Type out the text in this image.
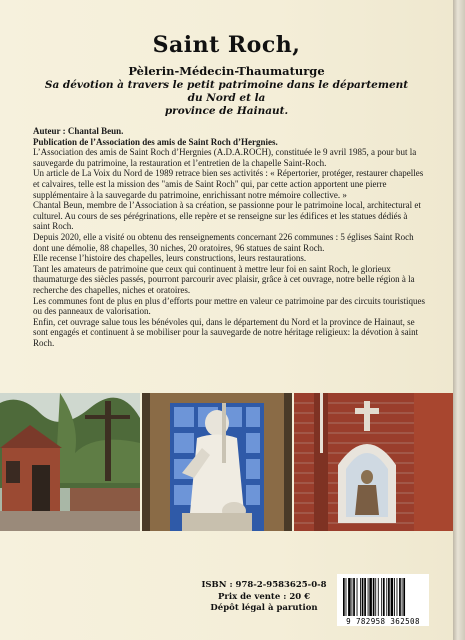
Saint Roch,
Pèlerin-Médecin-Thaumaturge
Sa dévotion à travers le petit patrimoine dans le département du Nord et la
province de Hainaut.

Auteur : Chantal Beun.

Publication de l’Association des amis de Saint Roch d’Hergnies.

L’Association des amis de Saint Roch d’Hergnies (A.D.A.ROCH), constituée le 9 avril 1985, a pour but la sauvegarde du patrimoine, la restauration et l’entretien de la chapelle Saint-Roch.

Un article de La Voix du Nord de 1989 retrace bien ses activités : « Répertorier, protéger, restaurer chapelles et calvaires, telle est la mission des "amis de Saint Roch" qui, par cette action apportent une pierre supplémentaire à la sauvegarde du patrimoine, enrichissant notre mémoire collective. »

Chantal Beun, membre de l’Association à sa création, se passionne pour le patrimoine local, architectural et culturel. Au cours de ses pérégrinations, elle repère et se renseigne sur les édifices et les statues dédiés à saint Roch.

Depuis 2020, elle a visité ou obtenu des renseignements concernant 226 communes : 5 églises Saint Roch dont une démolie, 88 chapelles, 30 niches, 20 oratoires, 96 statues de saint Roch.

Elle recense l’histoire des chapelles, leurs constructions, leurs restaurations.

Tant les amateurs de patrimoine que ceux qui continuent à mettre leur foi en saint Roch, le glorieux thaumaturge des siècles passés, pourront parcourir avec plaisir, grâce à cet ouvrage, notre belle région à la recherche des chapelles, niches et oratoires.

Les communes font de plus en plus d’efforts pour mettre en valeur ce patrimoine par des circuits touristiques ou des panneaux de valorisation.

Enfin, cet ouvrage salue tous les bénévoles qui, dans le département du Nord et la province de Hainaut, se sont engagés et continuent à se mobiliser pour la sauvegarde de notre héritage religieux: la dévotion à saint Roch.

ISBN : 978-2-9583625-0-8
Prix de vente : 20 €
Dépôt légal à parution
9 782958 362508
